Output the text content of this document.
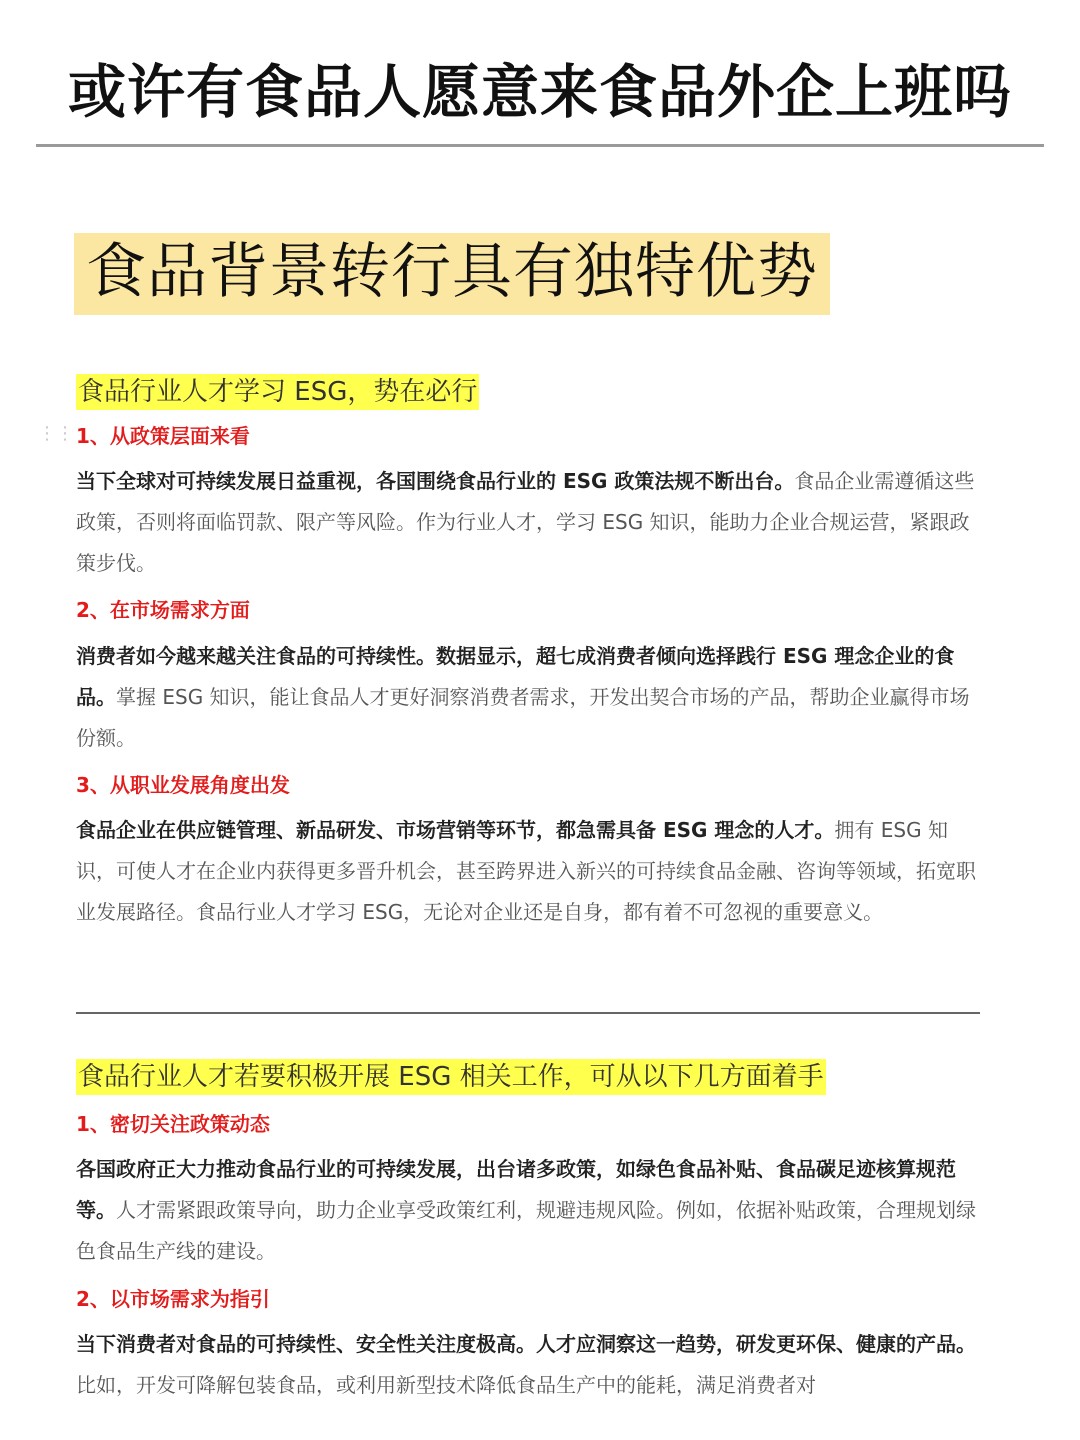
或许有食品人愿意来食品外企上班吗
食品背景转行具有独特优势
食品行业人才学习 ESG，势在必行
⋮⋮ 1、从政策层面来看

当下全球对可持续发展日益重视，各国围绕食品行业的 ESG 政策法规不断出台。食品企业需遵循这些政策，否则将面临罚款、限产等风险。作为行业人才，学习 ESG 知识，能助力企业合规运营，紧跟政策步伐。

2、在市场需求方面

消费者如今越来越关注食品的可持续性。数据显示，超七成消费者倾向选择践行 ESG 理念企业的食品。掌握 ESG 知识，能让食品人才更好洞察消费者需求，开发出契合市场的产品，帮助企业赢得市场份额。

3、从职业发展角度出发

食品企业在供应链管理、新品研发、市场营销等环节，都急需具备 ESG 理念的人才。拥有 ESG 知识，可使人才在企业内获得更多晋升机会，甚至跨界进入新兴的可持续食品金融、咨询等领域，拓宽职业发展路径。食品行业人才学习 ESG，无论对企业还是自身，都有着不可忽视的重要意义。

食品行业人才若要积极开展 ESG 相关工作，可从以下几方面着手
1、密切关注政策动态

各国政府正大力推动食品行业的可持续发展，出台诸多政策，如绿色食品补贴、食品碳足迹核算规范等。人才需紧跟政策导向，助力企业享受政策红利，规避违规风险。例如，依据补贴政策，合理规划绿色食品生产线的建设。

2、以市场需求为指引

当下消费者对食品的可持续性、安全性关注度极高。人才应洞察这一趋势，研发更环保、健康的产品。比如，开发可降解包装食品，或利用新型技术降低食品生产中的能耗，满足消费者对
